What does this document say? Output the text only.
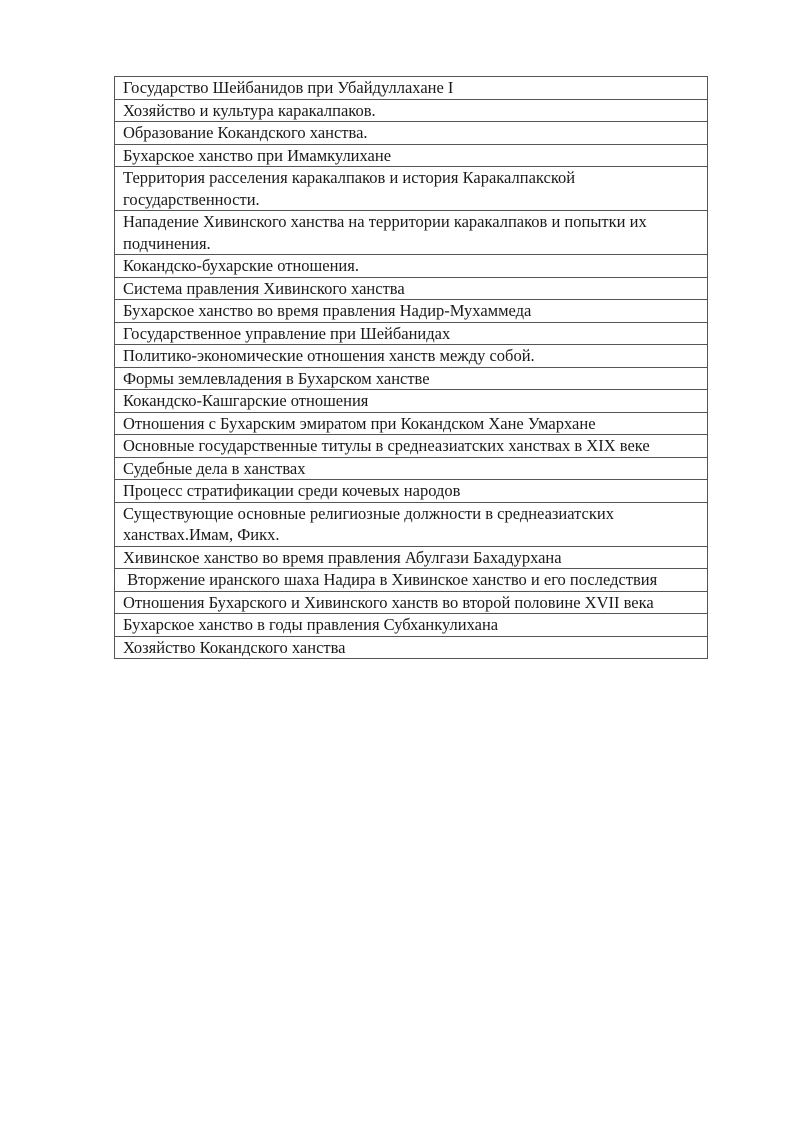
Государство Шейбанидов при Убайдуллахане I
Хозяйство и культура каракалпаков.
Образование Кокандского ханства.
Бухарское ханство при Имамкулихане
Территория расселения каракалпаков и история Каракалпакской государственности.
Нападение Хивинского ханства на территории каракалпаков и попытки их подчинения.
Кокандско-бухарские отношения.
Система правления Хивинского ханства
Бухарское ханство во время правления Надир-Мухаммеда
Государственное управление при Шейбанидах
Политико-экономические отношения ханств между собой.
Формы землевладения в Бухарском ханстве
Кокандско-Кашгарские отношения
Отношения с Бухарским эмиратом при Кокандском Хане Умархане
Основные государственные титулы в среднеазиатских ханствах в XIX веке
Судебные дела в ханствах
Процесс стратификации среди кочевых народов
Существующие основные религиозные должности в среднеазиатских ханствах.Имам, Фикх.
Хивинское ханство во время правления Абулгази Бахадурхана
Вторжение иранского шаха Надира в Хивинское ханство и его последствия
Отношения Бухарского и Хивинского ханств во второй половине XVII века
Бухарское ханство в годы правления Субханкулихана
Хозяйство Кокандского ханства
